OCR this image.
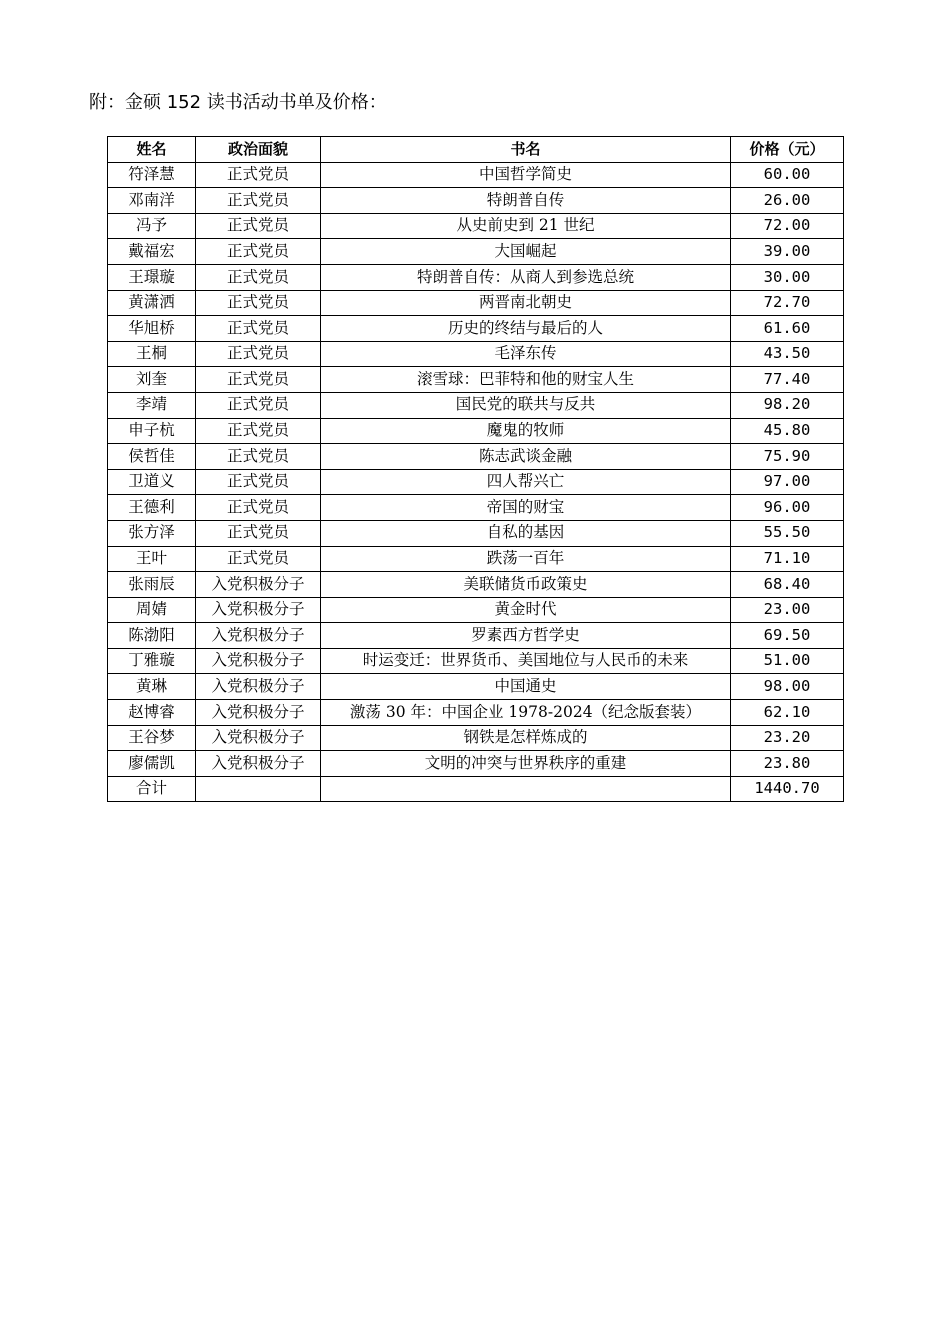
附：金硕 152 读书活动书单及价格：
姓名	政治面貌	书名	价格（元）
符泽慧	正式党员	中国哲学简史	60.00
邓南洋	正式党员	特朗普自传	26.00
冯予	正式党员	从史前史到 21 世纪	72.00
戴福宏	正式党员	大国崛起	39.00
王璟璇	正式党员	特朗普自传：从商人到参选总统	30.00
黄潇洒	正式党员	两晋南北朝史	72.70
华旭桥	正式党员	历史的终结与最后的人	61.60
王桐	正式党员	毛泽东传	43.50
刘奎	正式党员	滚雪球：巴菲特和他的财宝人生	77.40
李靖	正式党员	国民党的联共与反共	98.20
申子杭	正式党员	魔鬼的牧师	45.80
侯哲佳	正式党员	陈志武谈金融	75.90
卫道义	正式党员	四人帮兴亡	97.00
王德利	正式党员	帝国的财宝	96.00
张方泽	正式党员	自私的基因	55.50
王叶	正式党员	跌荡一百年	71.10
张雨辰	入党积极分子	美联储货币政策史	68.40
周婧	入党积极分子	黄金时代	23.00
陈渤阳	入党积极分子	罗素西方哲学史	69.50
丁雅璇	入党积极分子	时运变迁：世界货币、美国地位与人民币的未来	51.00
黄琳	入党积极分子	中国通史	98.00
赵博睿	入党积极分子	激荡 30 年：中国企业 1978-2024（纪念版套装）	62.10
王谷梦	入党积极分子	钢铁是怎样炼成的	23.20
廖儒凯	入党积极分子	文明的冲突与世界秩序的重建	23.80
合计			1440.70
